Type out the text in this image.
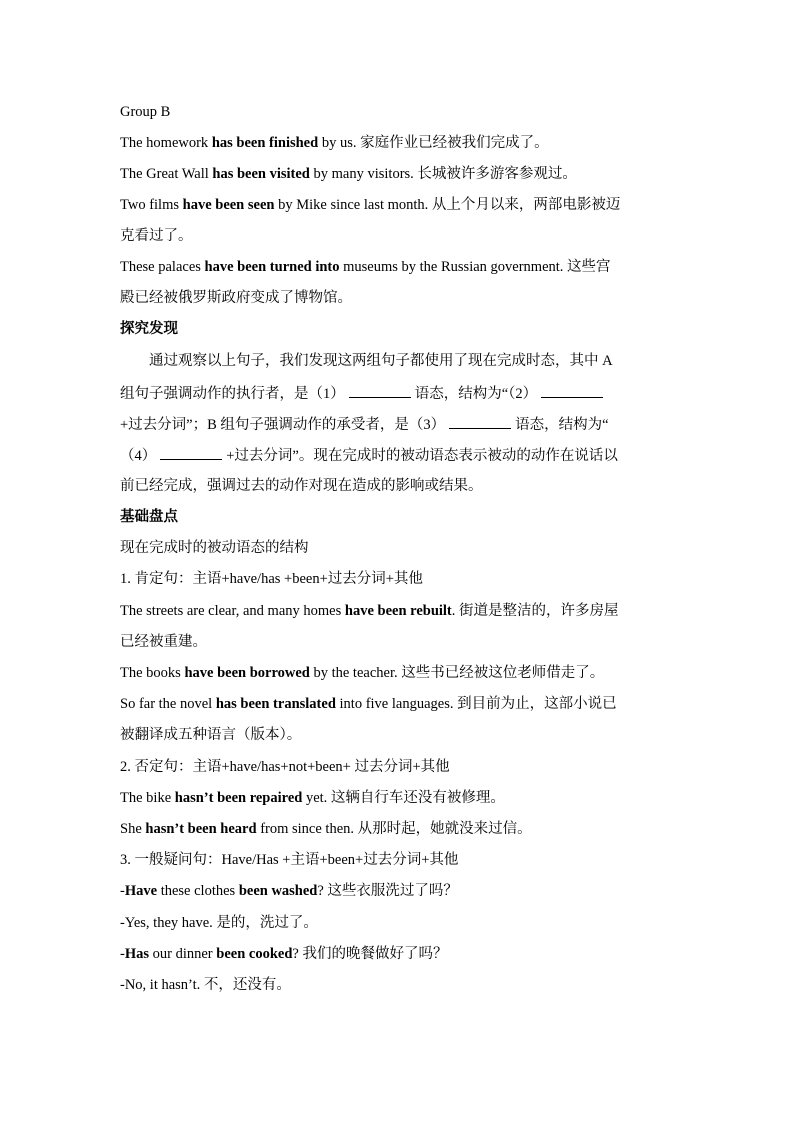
Group B
The homework has been finished by us. 家庭作业已经被我们完成了。
The Great Wall has been visited by many visitors. 长城被许多游客参观过。
Two films have been seen by Mike since last month. 从上个月以来，两部电影被迈
克看过了。
These palaces have been turned into museums by the Russian government. 这些宫
殿已经被俄罗斯政府变成了博物馆。
探究发现
通过观察以上句子，我们发现这两组句子都使用了现在完成时态，其中 A
组句子强调动作的执行者，是（1）	语态，结构为“（2）
+过去分词”；B 组句子强调动作的承受者，是（3）	语态，结构为“
（4）	+过去分词”。现在完成时的被动语态表示被动的动作在说话以
前已经完成，强调过去的动作对现在造成的影响或结果。
基础盘点
现在完成时的被动语态的结构
1. 肯定句：主语+have/has +been+过去分词+其他
The streets are clear, and many homes have been rebuilt. 街道是整洁的，许多房屋
已经被重建。
The books have been borrowed by the teacher. 这些书已经被这位老师借走了。
So far the novel has been translated into five languages. 到目前为止，这部小说已
被翻译成五种语言（版本）。
2. 否定句：主语+have/has+not+been+ 过去分词+其他
The bike hasn’t been repaired yet. 这辆自行车还没有被修理。
She hasn’t been heard from since then. 从那时起，她就没来过信。
3. 一般疑问句：Have/Has +主语+been+过去分词+其他
-Have these clothes been washed? 这些衣服洗过了吗？
-Yes, they have. 是的，洗过了。
-Has our dinner been cooked? 我们的晚餐做好了吗？
-No, it hasn’t. 不，还没有。
